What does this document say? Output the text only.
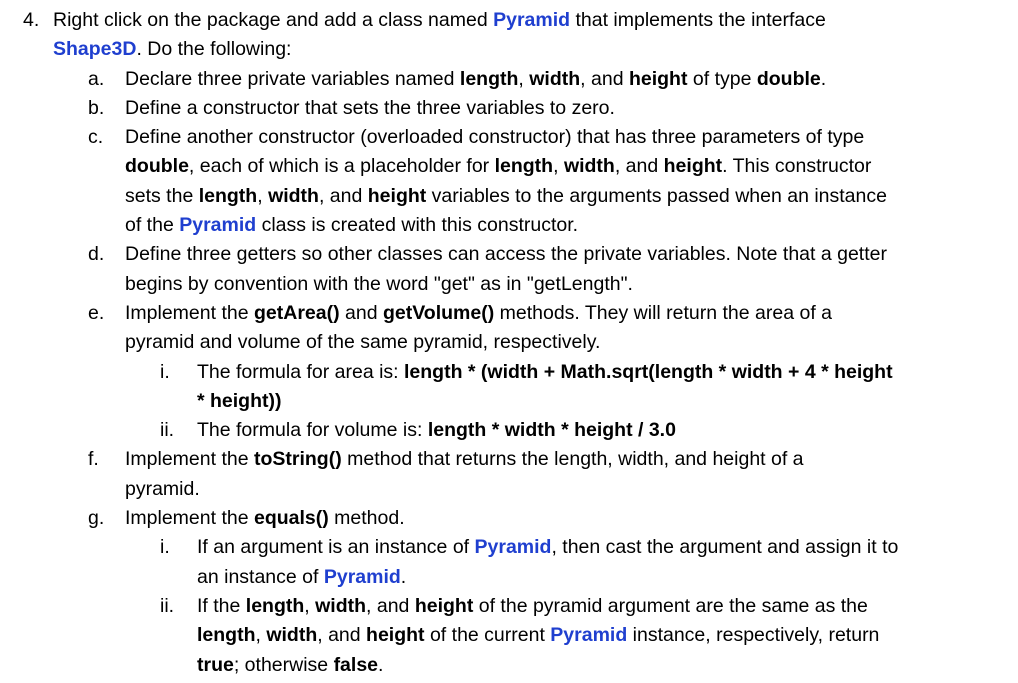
4. Right click on the package and add a class named Pyramid that implements the interface
Shape3D. Do the following:
a. Declare three private variables named length, width, and height of type double.
b. Define a constructor that sets the three variables to zero.
c. Define another constructor (overloaded constructor) that has three parameters of type
double, each of which is a placeholder for length, width, and height. This constructor
sets the length, width, and height variables to the arguments passed when an instance
of the Pyramid class is created with this constructor.
d. Define three getters so other classes can access the private variables. Note that a getter
begins by convention with the word "get" as in "getLength".
e. Implement the getArea() and getVolume() methods. They will return the area of a
pyramid and volume of the same pyramid, respectively.
i. The formula for area is: length * (width + Math.sqrt(length * width + 4 * height
* height))
ii. The formula for volume is: length * width * height / 3.0
f. Implement the toString() method that returns the length, width, and height of a
pyramid.
g. Implement the equals() method.
i. If an argument is an instance of Pyramid, then cast the argument and assign it to
an instance of Pyramid.
ii. If the length, width, and height of the pyramid argument are the same as the
length, width, and height of the current Pyramid instance, respectively, return
true; otherwise false.
